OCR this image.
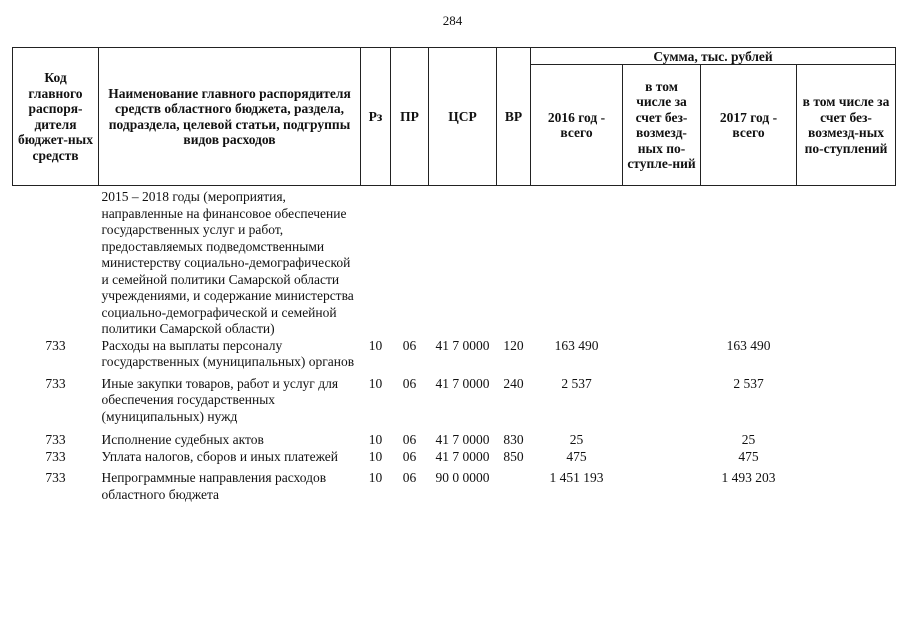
284
Код главного распоря-дителя бюджет-ных средств	Наименование главного распорядителя средств областного бюджета, раздела, подраздела, целевой статьи, подгруппы видов расходов	Рз	ПР	ЦСР	ВР	Сумма, тыс. рублей			
						2016 год - всего	в том числе за счет без-возмезд-ных по-ступле-ний	2017 год - всего	в том числе за счет без-возмезд-ных по-ступлений
	2015 – 2018 годы (мероприятия, направленные на финансовое обеспечение государственных услуг и работ, предоставляемых подведомственными министерству социально-демографической и семейной политики Самарской области учреждениями, и содержание министерства социально-демографической и семейной политики Самарской области)								
733	Расходы на выплаты персоналу государственных (муниципальных) органов	10	06	41 7 0000	120	163 490		163 490	
733	Иные закупки товаров, работ и услуг для обеспечения государственных (муниципальных) нужд	10	06	41 7 0000	240	2 537		2 537	
733	Исполнение судебных актов	10	06	41 7 0000	830	25		25	
733	Уплата налогов, сборов и иных платежей	10	06	41 7 0000	850	475		475	
733	Непрограммные направления расходов областного бюджета	10	06	90 0 0000		1 451 193		1 493 203	
